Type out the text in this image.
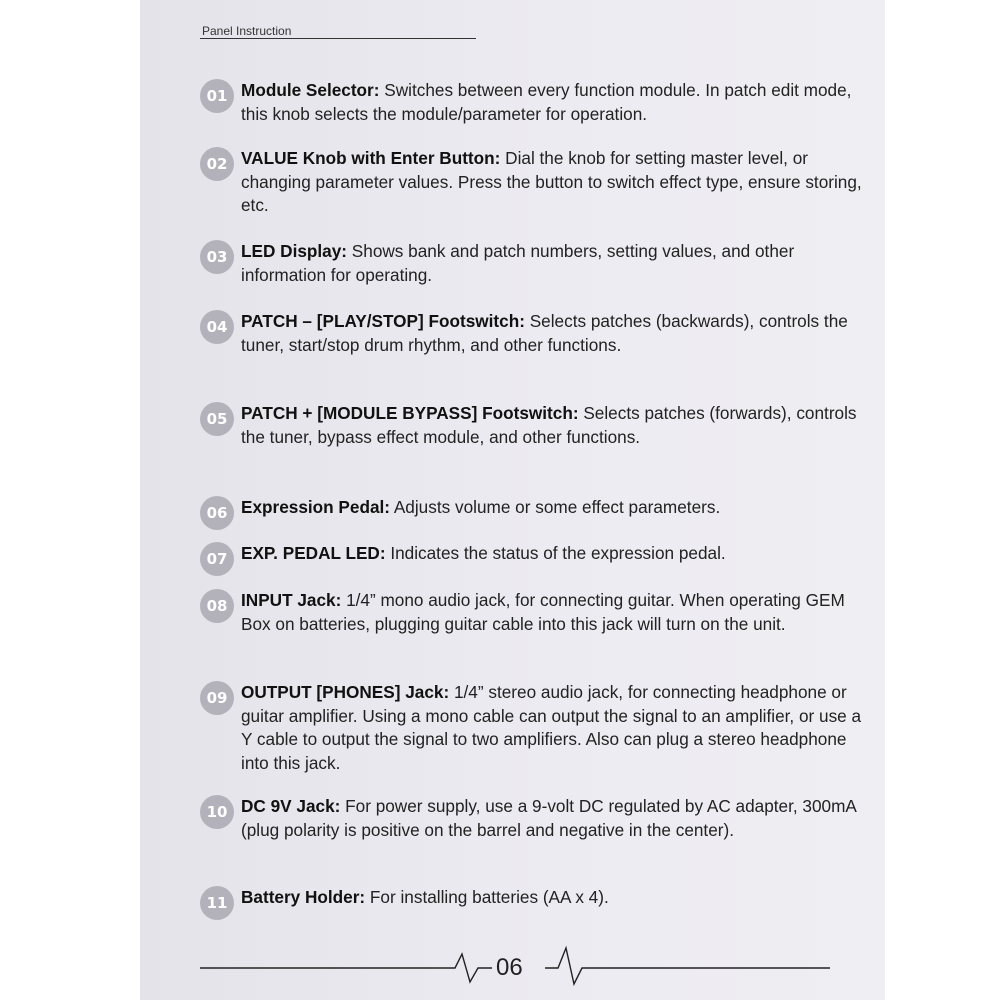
Panel Instruction
01 Module Selector: Switches between every function module. In patch edit mode, this knob selects the module/parameter for operation.
02 VALUE Knob with Enter Button: Dial the knob for setting master level, or changing parameter values. Press the button to switch effect type, ensure storing, etc.
03 LED Display: Shows bank and patch numbers, setting values, and other information for operating.
04 PATCH – [PLAY/STOP] Footswitch: Selects patches (backwards), controls the tuner, start/stop drum rhythm, and other functions.
05 PATCH + [MODULE BYPASS] Footswitch: Selects patches (forwards), controls the tuner, bypass effect module, and other functions.
06 Expression Pedal: Adjusts volume or some effect parameters.
07 EXP. PEDAL LED: Indicates the status of the expression pedal.
08 INPUT Jack: 1/4” mono audio jack, for connecting guitar. When operating GEM Box on batteries, plugging guitar cable into this jack will turn on the unit.
09 OUTPUT [PHONES] Jack: 1/4” stereo audio jack, for connecting headphone or guitar amplifier. Using a mono cable can output the signal to an amplifier, or use a Y cable to output the signal to two amplifiers. Also can plug a stereo headphone into this jack.
10 DC 9V Jack: For power supply, use a 9-volt DC regulated by AC adapter, 300mA (plug polarity is positive on the barrel and negative in the center).
11 Battery Holder: For installing batteries (AA x 4).
06
